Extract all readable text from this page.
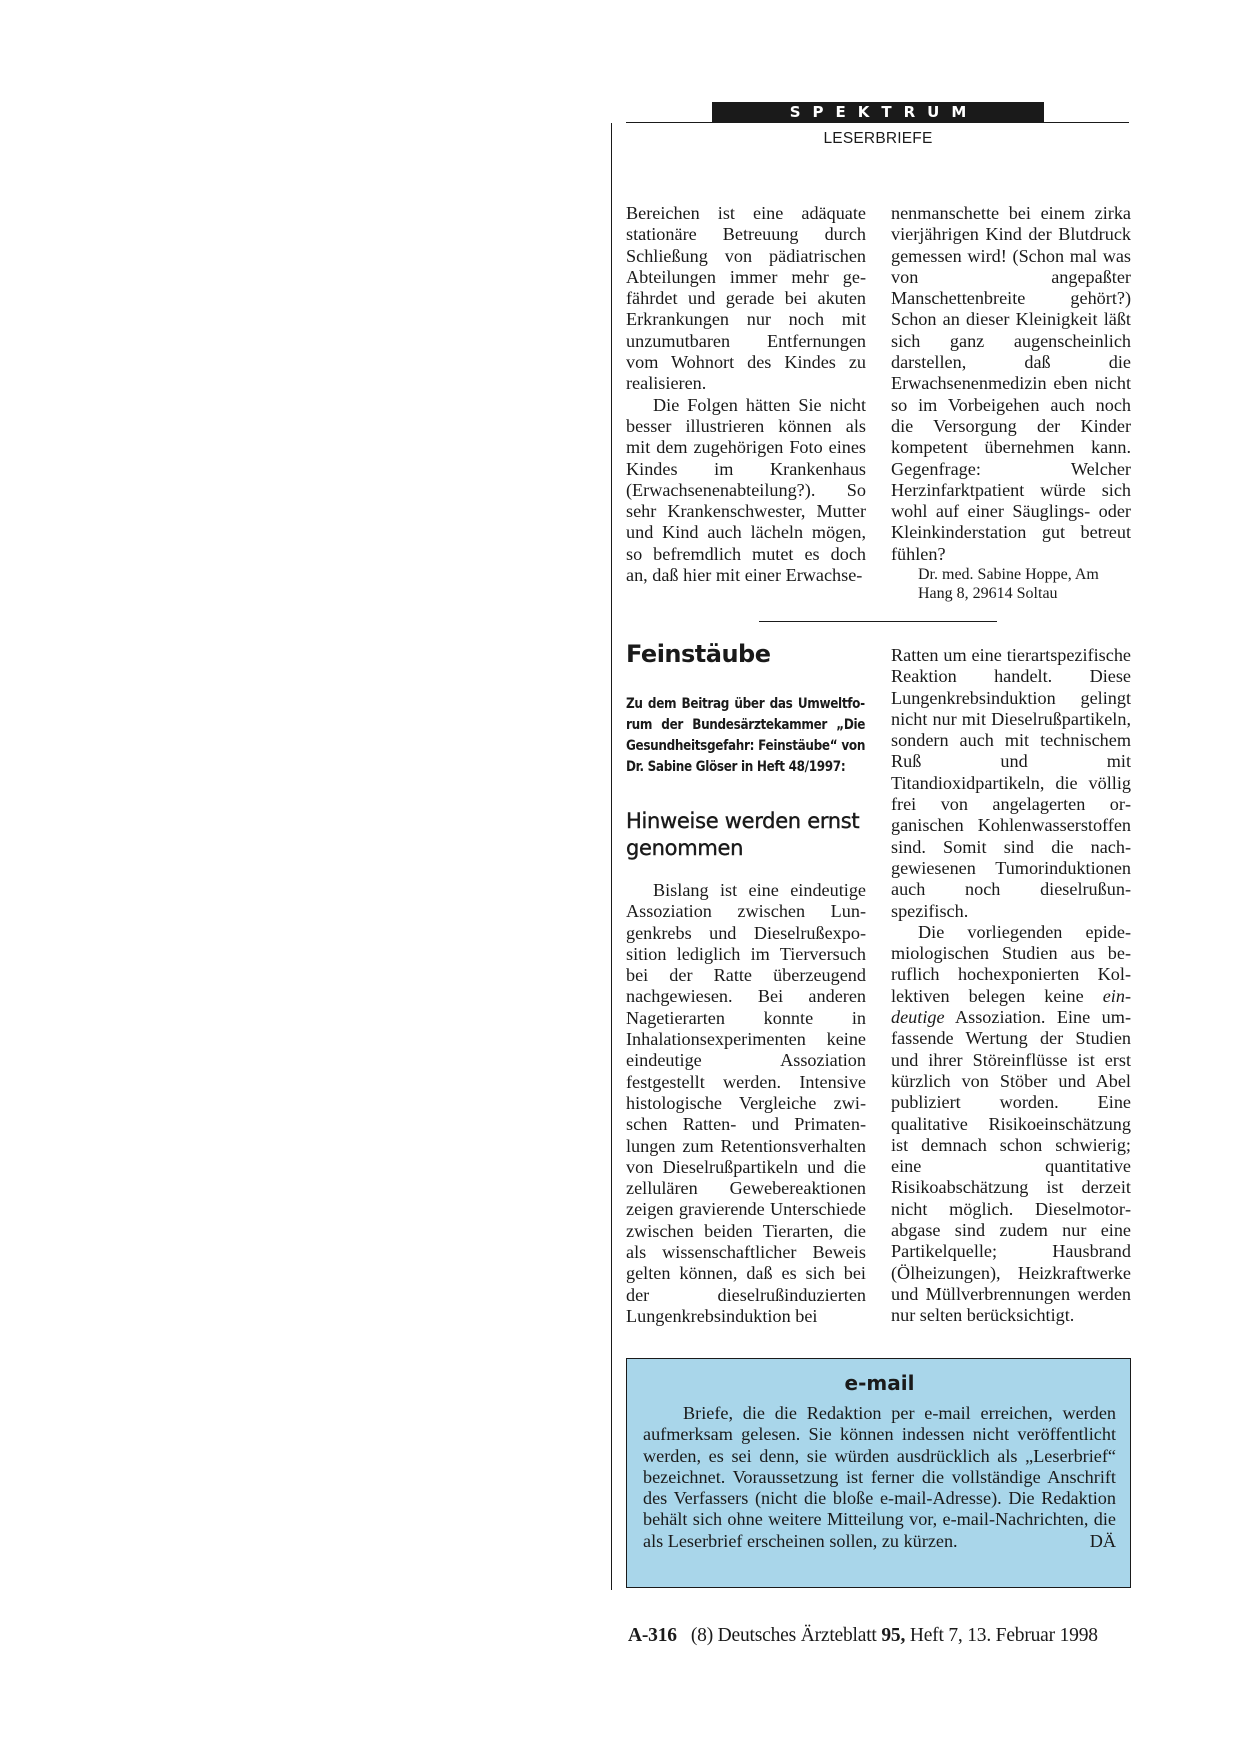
SPEKTRUM
LESERBRIEFE

Bereichen ist eine adäquate stationäre Betreuung durch Schließung von pädiatrischen Abteilungen immer mehr gefährdet und gerade bei akuten Erkrankungen nur noch mit unzumutbaren Entfernungen vom Wohnort des Kindes zu realisieren.

Die Folgen hätten Sie nicht besser illustrieren können als mit dem zugehörigen Foto eines Kindes im Krankenhaus (Erwachsenenabteilung?). So sehr Krankenschwester, Mutter und Kind auch lächeln mögen, so befremdlich mutet es doch an, daß hier mit einer Erwachse-

nenmanschette bei einem zirka vierjährigen Kind der Blutdruck gemessen wird! (Schon mal was von angepaßter Manschettenbreite gehört?) Schon an dieser Kleinigkeit läßt sich ganz augenscheinlich darstellen, daß die Erwachsenenmedizin eben nicht so im Vorbeigehen auch noch die Versorgung der Kinder kompetent übernehmen kann. Gegenfrage: Welcher Herzinfarktpatient würde sich wohl auf einer Säuglings- oder Kleinkinderstation gut betreut fühlen?

Dr. med. Sabine Hoppe, Am
Hang 8, 29614 Soltau

Feinstäube

Zu dem Beitrag über das Umweltforum der Bundesärztekammer „Die Gesundheitsgefahr: Feinstäube“ von Dr. Sabine Glöser in Heft 48/1997:

Hinweise werden ernst genommen

Bislang ist eine eindeutige Assoziation zwischen Lungenkrebs und Dieselrußexposition lediglich im Tierversuch bei der Ratte überzeugend nachgewiesen. Bei anderen Nagetierarten konnte in Inhalationsexperimenten keine eindeutige Assoziation festgestellt werden. Intensive histologische Vergleiche zwischen Ratten- und Primatenlungen zum Retentionsverhalten von Dieselrußpartikeln und die zellulären Gewebereaktionen zeigen gravierende Unterschiede zwischen beiden Tierarten, die als wissenschaftlicher Beweis gelten können, daß es sich bei der dieselrußinduzierten Lungenkrebsinduktion bei

Ratten um eine tierartspezifische Reaktion handelt. Diese Lungenkrebsinduktion gelingt nicht nur mit Dieselrußpartikeln, sondern auch mit technischem Ruß und mit Titandioxidpartikeln, die völlig frei von angelagerten organischen Kohlenwasserstoffen sind. Somit sind die nachgewiesenen Tumorinduktionen auch noch dieselrußunspezifisch.

Die vorliegenden epidemiologischen Studien aus beruflich hochexponierten Kollektiven belegen keine eindeutige Assoziation. Eine umfassende Wertung der Studien und ihrer Störeinflüsse ist erst kürzlich von Stöber und Abel publiziert worden. Eine qualitative Risikoeinschätzung ist demnach schon schwierig; eine quantitative Risikoabschätzung ist derzeit nicht möglich. Dieselmotorabgase sind zudem nur eine Partikelquelle; Hausbrand (Ölheizungen), Heizkraftwerke und Müllverbrennungen werden nur selten berücksichtigt.

e-mail

Briefe, die die Redaktion per e-mail erreichen, werden aufmerksam gelesen. Sie können indessen nicht veröffentlicht werden, es sei denn, sie würden ausdrücklich als „Leserbrief“ bezeichnet. Voraussetzung ist ferner die vollständige Anschrift des Verfassers (nicht die bloße e-mail-Adresse). Die Redaktion behält sich ohne weitere Mitteilung vor, e-mail-Nachrichten, die als Leserbrief erscheinen sollen, zu kürzen.	DÄ

A-316 (8) Deutsches Ärzteblatt 95, Heft 7, 13. Februar 1998
